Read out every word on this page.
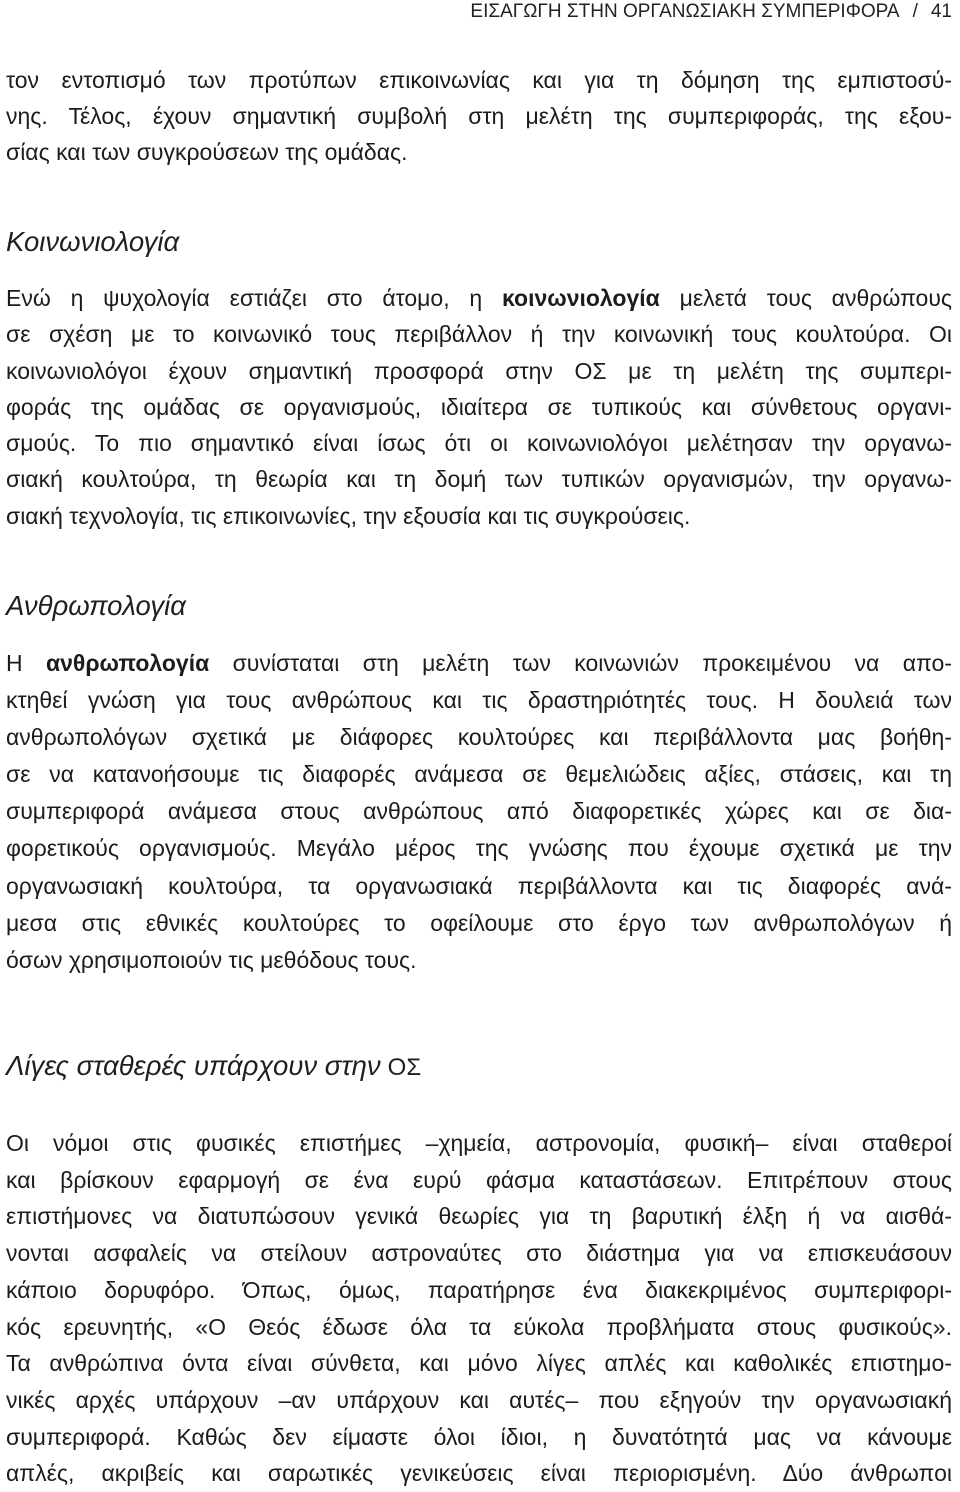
ΕΙΣΑΓΩΓΗ ΣΤΗΝ ΟΡΓΑΝΩΣΙΑΚΗ ΣΥΜΠΕΡΙΦΟΡΑ / 41
τον εντοπισμό των προτύπων επικοινωνίας και για τη δόμηση της εμπιστοσύ-
νης. Τέλος, έχουν σημαντική συμβολή στη μελέτη της συμπεριφοράς, της εξου-
σίας και των συγκρούσεων της ομάδας.
Κοινωνιολογία
Ενώ η ψυχολογία εστιάζει στο άτομο, η κοινωνιολογία μελετά τους ανθρώπους
σε σχέση με το κοινωνικό τους περιβάλλον ή την κοινωνική τους κουλτούρα. Οι
κοινωνιολόγοι έχουν σημαντική προσφορά στην ΟΣ με τη μελέτη της συμπερι-
φοράς της ομάδας σε οργανισμούς, ιδιαίτερα σε τυπικούς και σύνθετους οργανι-
σμούς. Το πιο σημαντικό είναι ίσως ότι οι κοινωνιολόγοι μελέτησαν την οργανω-
σιακή κουλτούρα, τη θεωρία και τη δομή των τυπικών οργανισμών, την οργανω-
σιακή τεχνολογία, τις επικοινωνίες, την εξουσία και τις συγκρούσεις.
Ανθρωπολογία
Η ανθρωπολογία συνίσταται στη μελέτη των κοινωνιών προκειμένου να απο-
κτηθεί γνώση για τους ανθρώπους και τις δραστηριότητές τους. Η δουλειά των
ανθρωπολόγων σχετικά με διάφορες κουλτούρες και περιβάλλοντα μας βοήθη-
σε να κατανοήσουμε τις διαφορές ανάμεσα σε θεμελιώδεις αξίες, στάσεις, και τη
συμπεριφορά ανάμεσα στους ανθρώπους από διαφορετικές χώρες και σε δια-
φορετικούς οργανισμούς. Μεγάλο μέρος της γνώσης που έχουμε σχετικά με την
οργανωσιακή κουλτούρα, τα οργανωσιακά περιβάλλοντα και τις διαφορές ανά-
μεσα στις εθνικές κουλτούρες το οφείλουμε στο έργο των ανθρωπολόγων ή
όσων χρησιμοποιούν τις μεθόδους τους.
Λίγες σταθερές υπάρχουν στην ΟΣ
Οι νόμοι στις φυσικές επιστήμες –χημεία, αστρονομία, φυσική– είναι σταθεροί
και βρίσκουν εφαρμογή σε ένα ευρύ φάσμα καταστάσεων. Επιτρέπουν στους
επιστήμονες να διατυπώσουν γενικά θεωρίες για τη βαρυτική έλξη ή να αισθά-
νονται ασφαλείς να στείλουν αστροναύτες στο διάστημα για να επισκευάσουν
κάποιο δορυφόρο. Όπως, όμως, παρατήρησε ένα διακεκριμένος συμπεριφορι-
κός ερευνητής, «Ο Θεός έδωσε όλα τα εύκολα προβλήματα στους φυσικούς».
Τα ανθρώπινα όντα είναι σύνθετα, και μόνο λίγες απλές και καθολικές επιστημο-
νικές αρχές υπάρχουν –αν υπάρχουν και αυτές– που εξηγούν την οργανωσιακή
συμπεριφορά. Καθώς δεν είμαστε όλοι ίδιοι, η δυνατότητά μας να κάνουμε
απλές, ακριβείς και σαρωτικές γενικεύσεις είναι περιορισμένη. Δύο άνθρωποι
